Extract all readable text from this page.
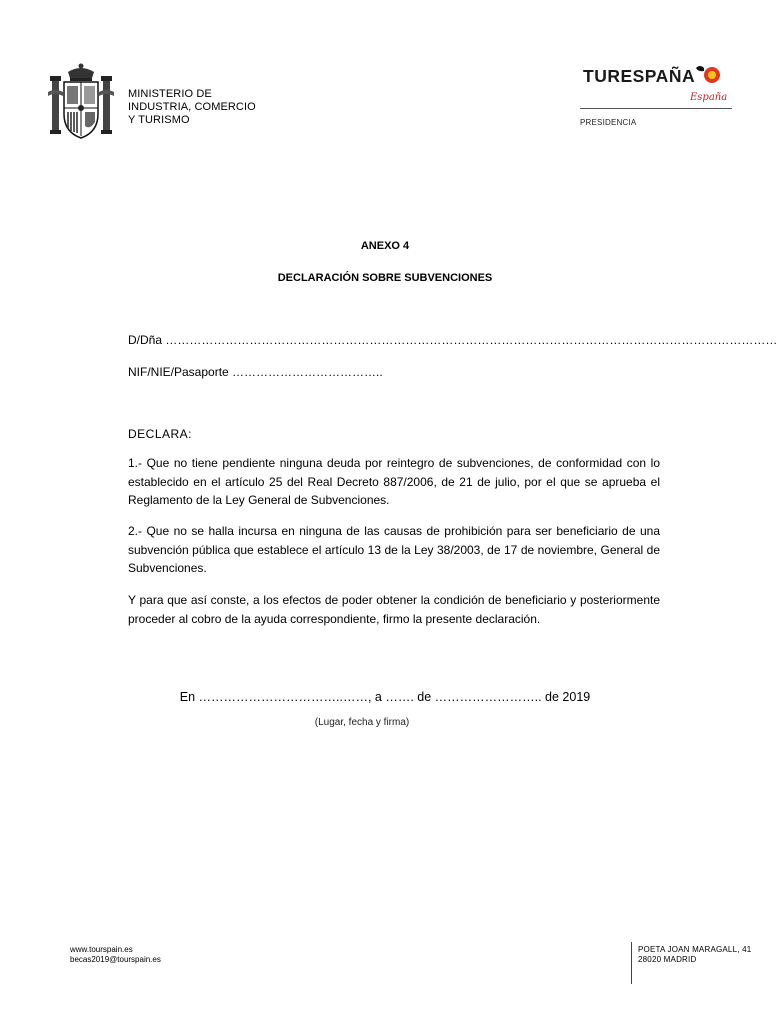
MINISTERIO DE
INDUSTRIA, COMERCIO
Y TURISMO
TURESPAÑA
España
PRESIDENCIA
ANEXO 4
DECLARACIÓN SOBRE SUBVENCIONES
D/Dña ………………………………………………………………………………………………………………………………………
NIF/NIE/Pasaporte ………………………………..
DECLARA:
1.- Que no tiene pendiente ninguna deuda por reintegro de subvenciones, de conformidad con lo establecido en el artículo 25 del Real Decreto 887/2006, de 21 de julio, por el que se aprueba el Reglamento de la Ley General de Subvenciones.
2.- Que no se halla incursa en ninguna de las causas de prohibición para ser beneficiario de una subvención pública que establece el artículo 13 de la Ley 38/2003, de 17 de noviembre, General de Subvenciones.
Y para que así conste, a los efectos de poder obtener la condición de beneficiario y posteriormente proceder al cobro de la ayuda correspondiente, firmo la presente declaración.
En ……………………………..……, a ……. de …………………….. de 2019
(Lugar, fecha y firma)
www.tourspain.es
becas2019@tourspain.es
POETA JOAN MARAGALL, 41
28020 MADRID
